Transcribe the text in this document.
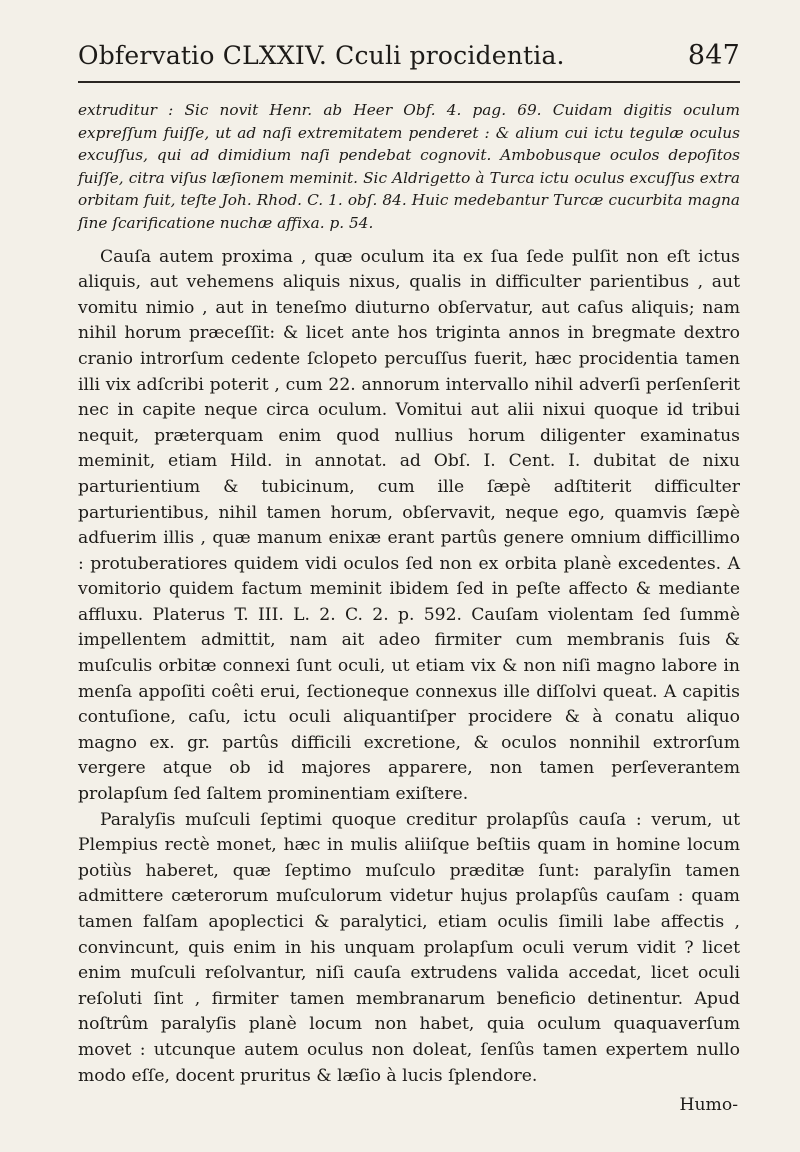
Obfervatio CLXXIV. Cculi procidentia.	847

extruditur : Sic novit Henr. ab Heer Obf. 4. pag. 69. Cuidam digitis oculum expreſſum fuiſſe, ut ad naſi extremitatem penderet : & alium cui ictu tegulæ oculus excuſſus, qui ad dimidium naſi pendebat cognovit. Ambobusque oculos depoſitos fuiſſe, citra viſus læſionem meminit. Sic Aldrigetto à Turca ictu oculus excuſſus extra orbitam fuit, teſte Joh. Rhod. C. 1. obſ. 84. Huic medebantur Turcæ cucurbita magna ſine ſcarificatione nuchæ affixa. p. 54.

Cauſa autem proxima , quæ oculum ita ex ſua ſede pulſit non eſt ictus aliquis, aut vehemens aliquis nixus, qualis in difficulter parientibus , aut vomitu nimio , aut in teneſmo diuturno obſervatur, aut caſus aliquis; nam nihil horum præceſſit: & licet ante hos triginta annos in bregmate dextro cranio introrſum cedente ſclopeto percuſſus fuerit, hæc procidentia tamen illi vix adſcribi poterit , cum 22. annorum intervallo nihil adverſi perſenſerit nec in capite neque circa oculum. Vomitui aut alii nixui quoque id tribui nequit, præterquam enim quod nullius horum diligenter examinatus meminit, etiam Hild. in annotat. ad Obſ. I. Cent. I. dubitat de nixu parturientium & tubicinum, cum ille ſæpè adſtiterit difficulter parturientibus, nihil tamen horum, obſervavit, neque ego, quamvis ſæpè adfuerim illis , quæ manum enixæ erant partûs genere omnium difficillimo : protuberatiores quidem vidi oculos ſed non ex orbita planè excedentes. A vomitorio quidem factum meminit ibidem ſed in peſte affecto & mediante affluxu. Platerus T. III. L. 2. C. 2. p. 592. Cauſam violentam ſed ſummè impellentem admittit, nam ait adeo firmiter cum membranis ſuis & muſculis orbitæ connexi ſunt oculi, ut etiam vix & non niſi magno labore in menſa appoſiti coêti erui, ſectioneque connexus ille diſſolvi queat. A capitis contuſione, caſu, ictu oculi aliquantiſper procidere & à conatu aliquo magno ex. gr. partûs difficili excretione, & oculos nonnihil extrorſum vergere atque ob id majores apparere, non tamen perſeverantem prolapſum ſed ſaltem prominentiam exiſtere.

Paralyſis muſculi ſeptimi quoque creditur prolapſûs cauſa : verum, ut Plempius rectè monet, hæc in mulis aliiſque beſtiis quam in homine locum potiùs haberet, quæ ſeptimo muſculo præditæ ſunt: paralyſin tamen admittere cæterorum muſculorum videtur hujus prolapſûs cauſam : quam tamen falſam apoplectici & paralytici, etiam oculis ſimili labe affectis , convincunt, quis enim in his unquam prolapſum oculi verum vidit ? licet enim muſculi reſolvantur, niſi cauſa extrudens valida accedat, licet oculi reſoluti ſint , firmiter tamen membranarum beneficio detinentur. Apud noſtrûm paralyſis planè locum non habet, quia oculum quaquaverſum movet : utcunque autem oculus non doleat, ſenſûs tamen expertem nullo modo eſſe, docent pruritus & læſio à lucis ſplendore.

Humo-
